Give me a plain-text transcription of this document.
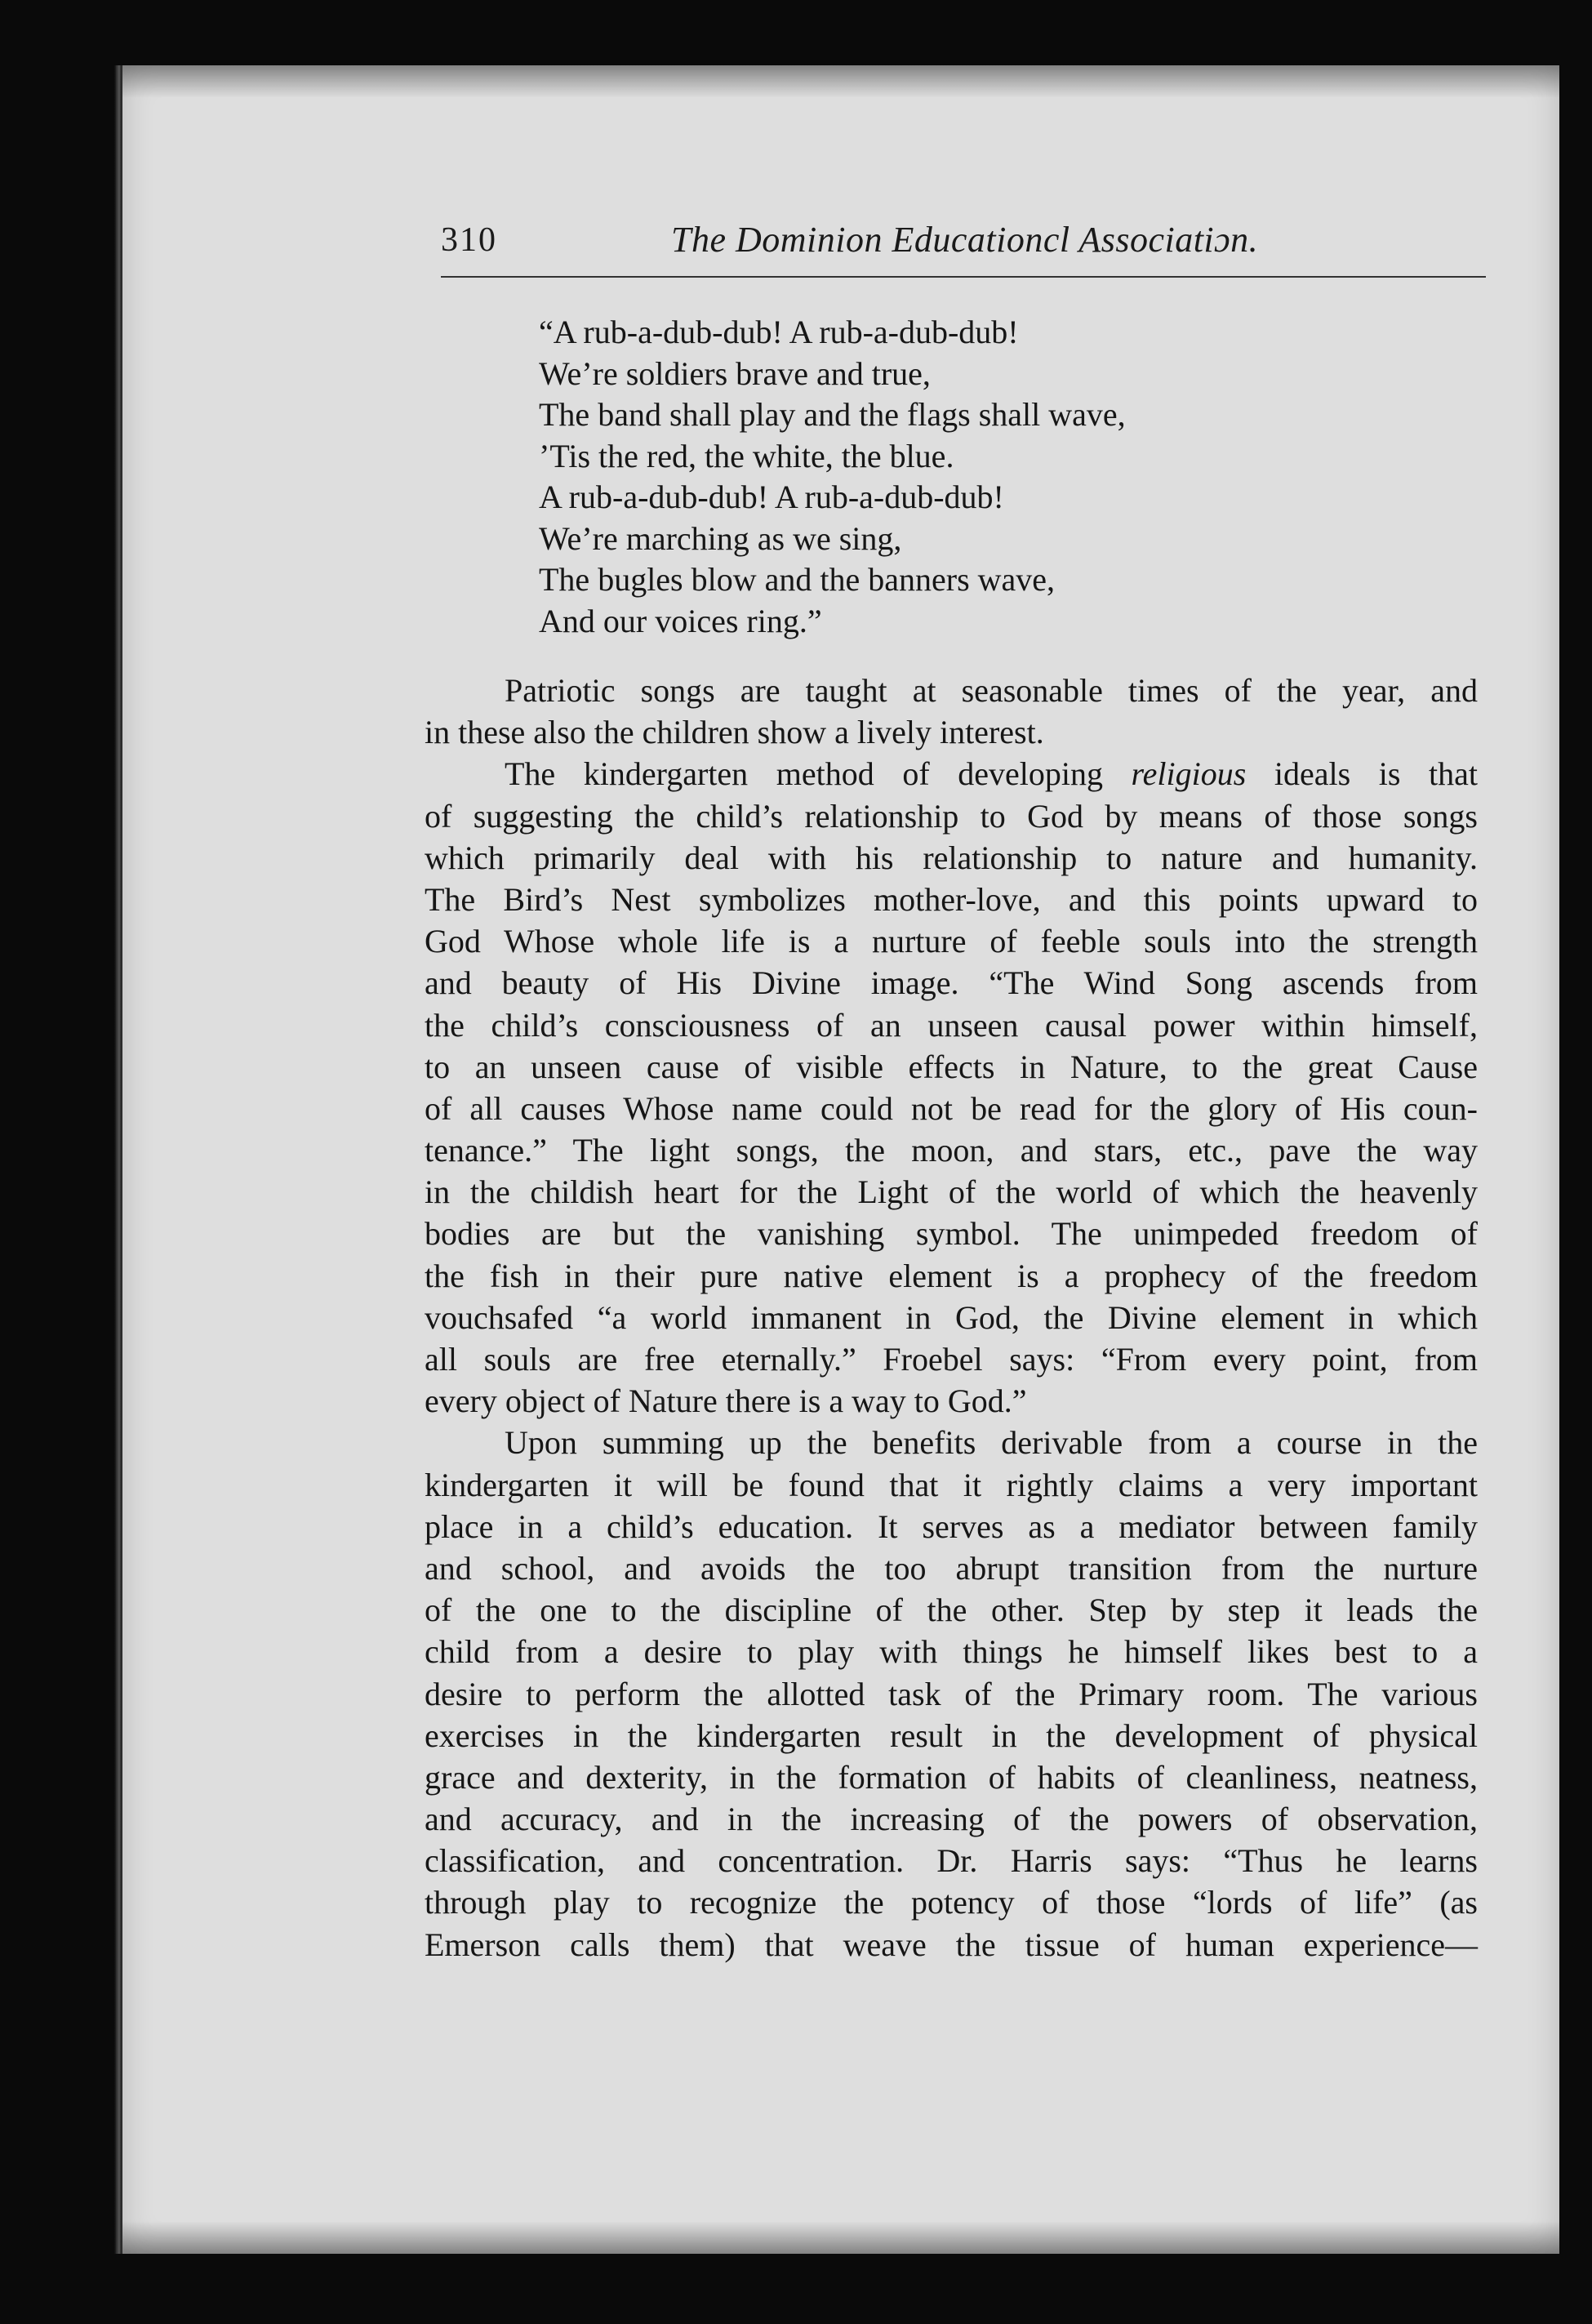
310	The Dominion Educationcl Associatiɔn.
“A rub-a-dub-dub! A rub-a-dub-dub!
We’re soldiers brave and true,
The band shall play and the flags shall wave,
’Tis the red, the white, the blue.
A rub-a-dub-dub! A rub-a-dub-dub!
We’re marching as we sing,
The bugles blow and the banners wave,
And our voices ring.”
Patriotic songs are taught at seasonable times of the year, and
in these also the children show a lively interest.
The kindergarten method of developing religious ideals is that
of suggesting the child’s relationship to God by means of those songs
which primarily deal with his relationship to nature and humanity.
The Bird’s Nest symbolizes mother-love, and this points upward to
God Whose whole life is a nurture of feeble souls into the strength
and beauty of His Divine image. “The Wind Song ascends from
the child’s consciousness of an unseen causal power within himself,
to an unseen cause of visible effects in Nature, to the great Cause
of all causes Whose name could not be read for the glory of His coun-
tenance.” The light songs, the moon, and stars, etc., pave the way
in the childish heart for the Light of the world of which the heavenly
bodies are but the vanishing symbol. The unimpeded freedom of
the fish in their pure native element is a prophecy of the freedom
vouchsafed “a world immanent in God, the Divine element in which
all souls are free eternally.” Froebel says: “From every point, from
every object of Nature there is a way to God.”
Upon summing up the benefits derivable from a course in the
kindergarten it will be found that it rightly claims a very important
place in a child’s education. It serves as a mediator between family
and school, and avoids the too abrupt transition from the nurture
of the one to the discipline of the other. Step by step it leads the
child from a desire to play with things he himself likes best to a
desire to perform the allotted task of the Primary room. The various
exercises in the kindergarten result in the development of physical
grace and dexterity, in the formation of habits of cleanliness, neatness,
and accuracy, and in the increasing of the powers of observation,
classification, and concentration. Dr. Harris says: “Thus he learns
through play to recognize the potency of those “lords of life” (as
Emerson calls them) that weave the tissue of human experience—
